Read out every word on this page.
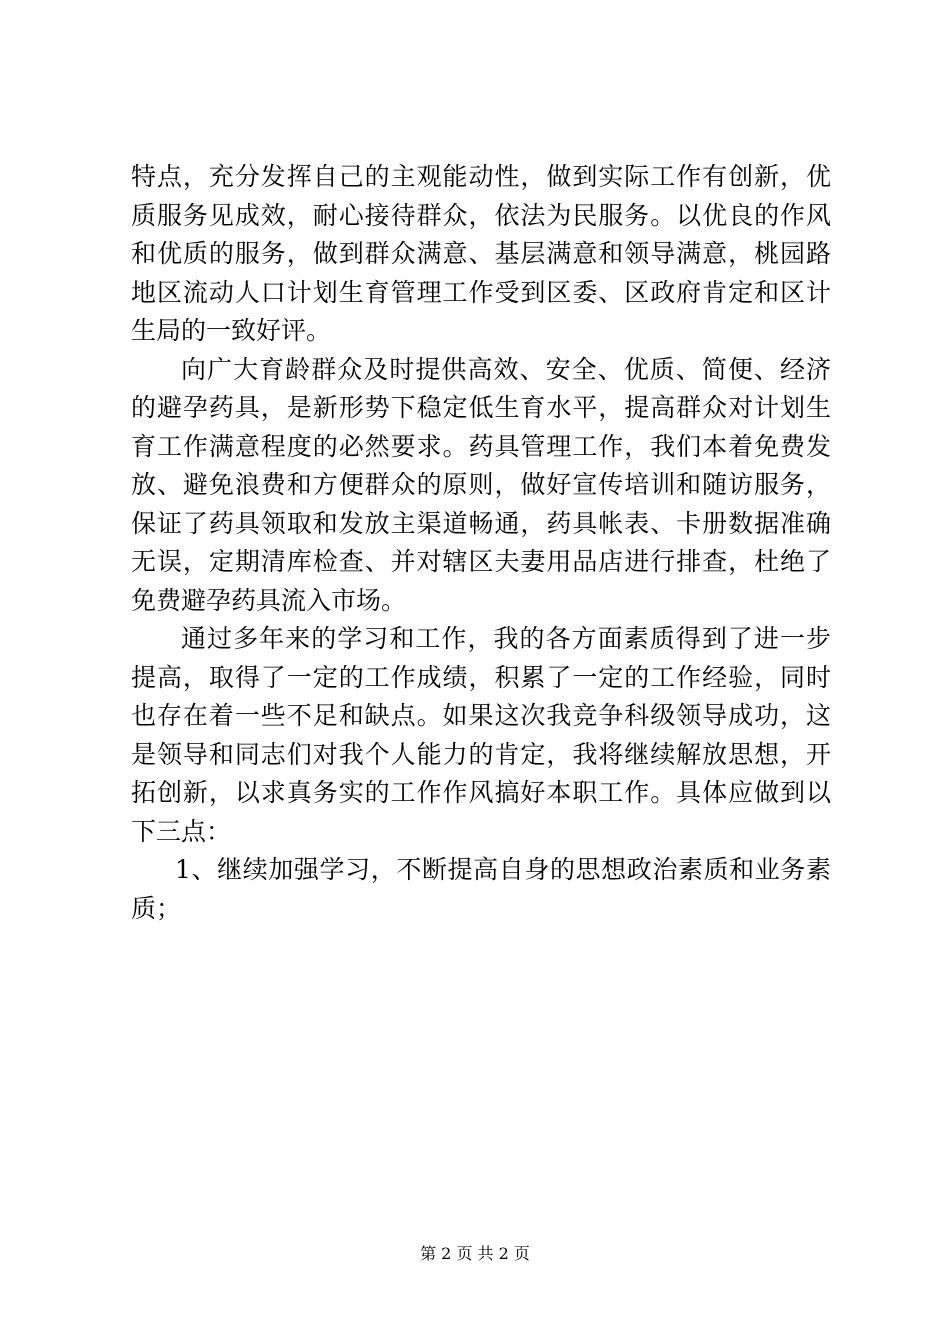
特点，充分发挥自己的主观能动性，做到实际工作有创新，优
质服务见成效，耐心接待群众，依法为民服务。以优良的作风
和优质的服务，做到群众满意、基层满意和领导满意，桃园路
地区流动人口计划生育管理工作受到区委、区政府肯定和区计
生局的一致好评。
向广大育龄群众及时提供高效、安全、优质、简便、经济
的避孕药具，是新形势下稳定低生育水平，提高群众对计划生
育工作满意程度的必然要求。药具管理工作，我们本着免费发
放、避免浪费和方便群众的原则，做好宣传培训和随访服务，
保证了药具领取和发放主渠道畅通，药具帐表、卡册数据准确
无误，定期清库检查、并对辖区夫妻用品店进行排查，杜绝了
免费避孕药具流入市场。
通过多年来的学习和工作，我的各方面素质得到了进一步
提高，取得了一定的工作成绩，积累了一定的工作经验，同时
也存在着一些不足和缺点。如果这次我竞争科级领导成功，这
是领导和同志们对我个人能力的肯定，我将继续解放思想，开
拓创新，以求真务实的工作作风搞好本职工作。具体应做到以
下三点：
1、继续加强学习，不断提高自身的思想政治素质和业务素
质；
第 2 页 共 2 页
